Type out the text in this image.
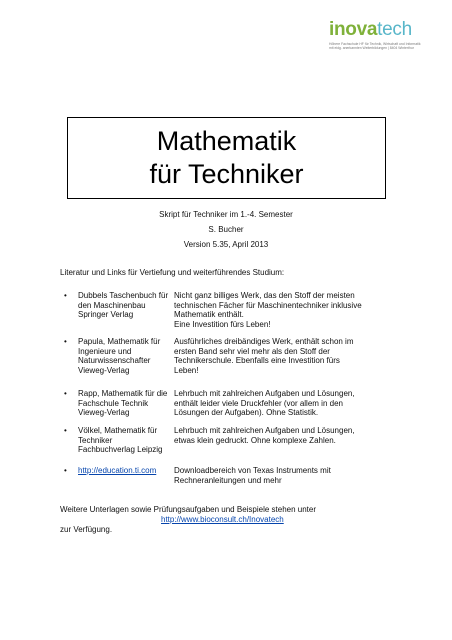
inovatech
Höhere Fachschule HF für Technik, Wirtschaft und Informatik
mit eidg. anerkannten Weiterbildungen | 8404 Winterthur
Mathematik
für Techniker
Skript für Techniker im 1.-4. Semester
S. Bucher
Version 5.35, April 2013
Literatur und Links für Vertiefung und weiterführendes Studium:
• Dubbels Taschenbuch für
den Maschinenbau
Springer Verlag
Nicht ganz billiges Werk, das den Stoff der meisten
technischen Fächer für Maschinentechniker inklusive
Mathematik enthält.
Eine Investition fürs Leben!
• Papula, Mathematik für
Ingenieure und
Naturwissenschafter
Vieweg-Verlag
Ausführliches dreibändiges Werk, enthält schon im
ersten Band sehr viel mehr als den Stoff der
Technikerschule. Ebenfalls eine Investition fürs
Leben!
• Rapp, Mathematik für die
Fachschule Technik
Vieweg-Verlag
Lehrbuch mit zahlreichen Aufgaben und Lösungen,
enthält leider viele Druckfehler (vor allem in den
Lösungen der Aufgaben). Ohne Statistik.
• Völkel, Mathematik für
Techniker
Fachbuchverlag Leipzig
Lehrbuch mit zahlreichen Aufgaben und Lösungen,
etwas klein gedruckt. Ohne komplexe Zahlen.
• http://education.ti.com	Downloadbereich von Texas Instruments mit
Rechneranleitungen und mehr
Weitere Unterlagen sowie Prüfungsaufgaben und Beispiele stehen unter
http://www.bioconsult.ch/Inovatech
zur Verfügung.
